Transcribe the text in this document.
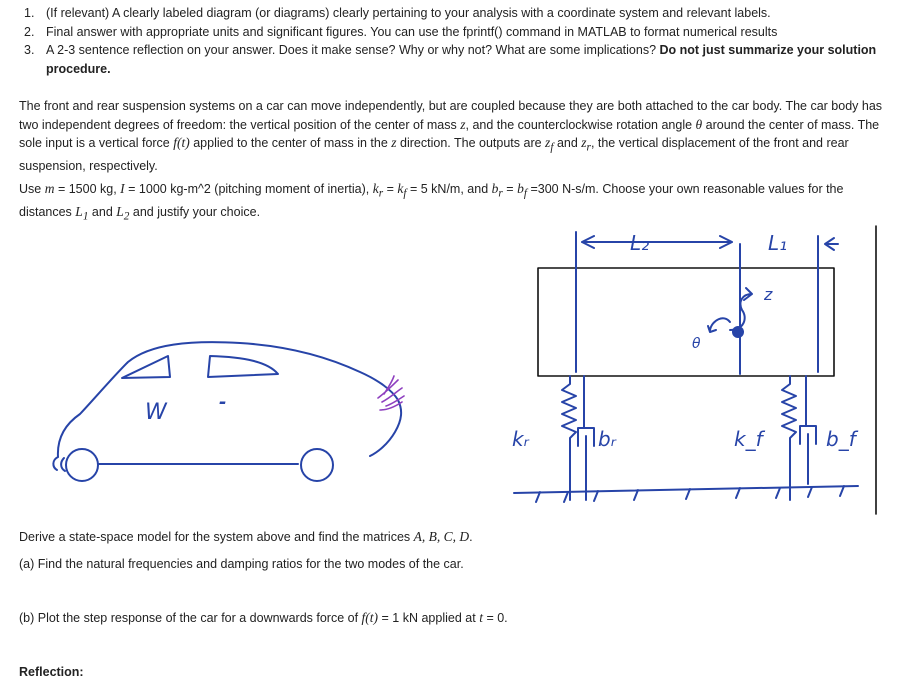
1. (If relevant) A clearly labeled diagram (or diagrams) clearly pertaining to your analysis with a coordinate system and relevant labels.
2. Final answer with appropriate units and significant figures. You can use the fprintf() command in MATLAB to format numerical results
3. A 2-3 sentence reflection on your answer. Does it make sense? Why or why not? What are some implications? Do not just summarize your solution procedure.

The front and rear suspension systems on a car can move independently, but are coupled because they are both attached to the car body. The car body has two independent degrees of freedom: the vertical position of the center of mass z, and the counterclockwise rotation angle θ around the center of mass. The sole input is a vertical force f(t) applied to the center of mass in the z direction. The outputs are $z_f$ and $z_r$, the vertical displacement of the front and rear suspension, respectively.

Use m = 1500 kg, I = 1000 kg-m^2 (pitching moment of inertia), $k_r = k_f = 5$ kN/m, and $b_r = b_f =300$ N-s/m. Choose your own reasonable values for the distances $L_1$ and $L_2$ and justify your choice.

W	-
L₂	L₁
z
θ
kᵣ	bᵣ	k_f	b_f

Derive a state-space model for the system above and find the matrices A, B, C, D.

(a) Find the natural frequencies and damping ratios for the two modes of the car.

(b) Plot the step response of the car for a downwards force of f(t) = 1 kN applied at t = 0.

Reflection:
